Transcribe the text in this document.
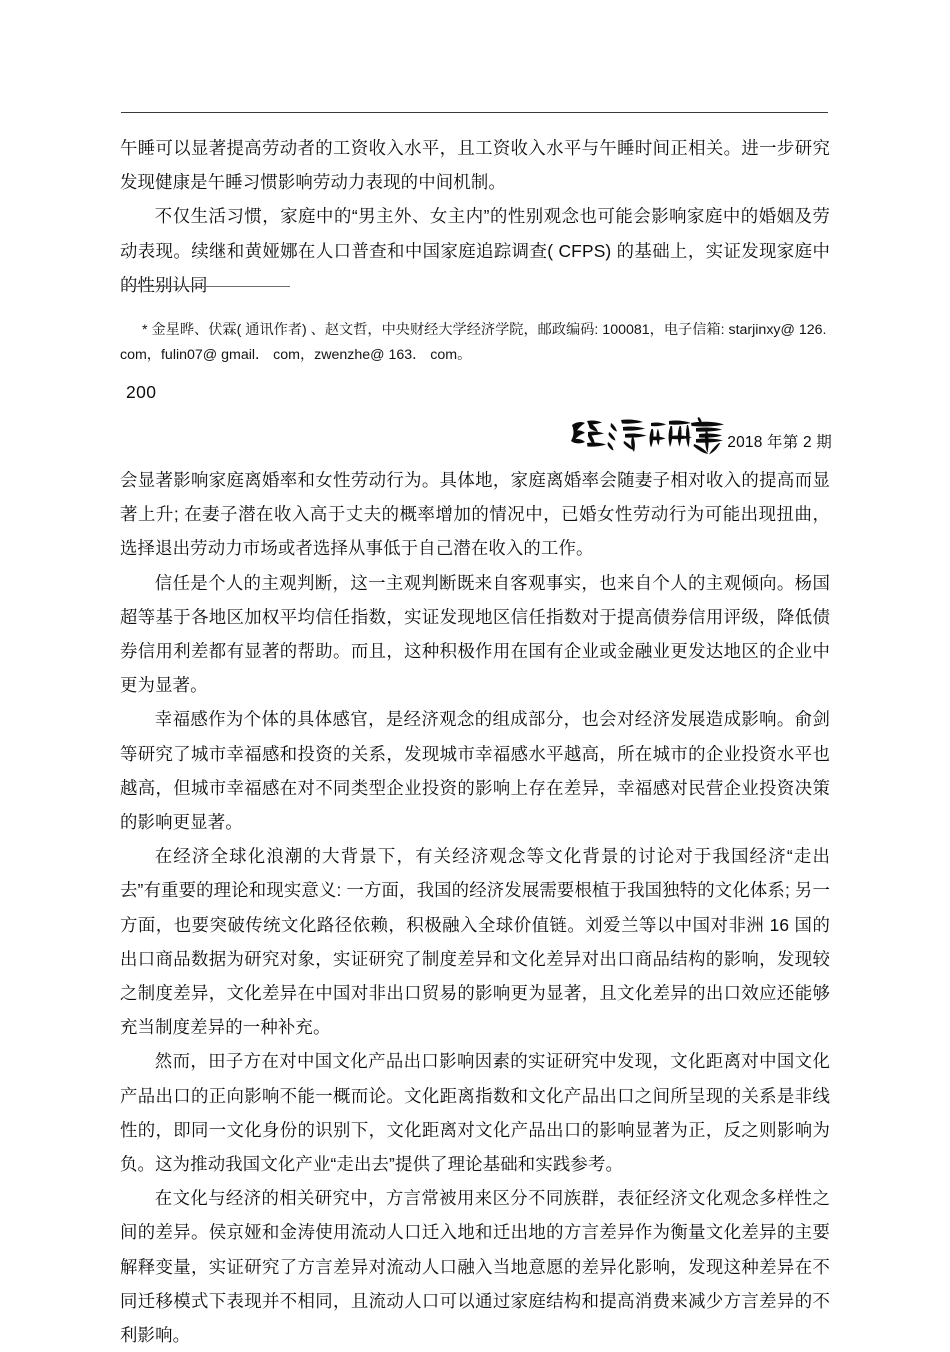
午睡可以显著提高劳动者的工资收入水平，且工资收入水平与午睡时间正相关。进一步研究发现健康是午睡习惯影响劳动力表现的中间机制。

不仅生活习惯，家庭中的“男主外、女主内”的性别观念也可能会影响家庭中的婚姻及劳动表现。续继和黄娅娜在人口普查和中国家庭追踪调查( CFPS) 的基础上，实证发现家庭中的性别认同

* 金星晔、伏霖( 通讯作者) 、赵文哲，中央财经大学经济学院，邮政编码: 100081，电子信箱: starjinxy@ 126.

com，fulin07@ gmail． com，zwenzhe@ 163． com。

200
2018 年第 2 期

会显著影响家庭离婚率和女性劳动行为。具体地，家庭离婚率会随妻子相对收入的提高而显著上升; 在妻子潜在收入高于丈夫的概率增加的情况中，已婚女性劳动行为可能出现扭曲，选择退出劳动力市场或者选择从事低于自己潜在收入的工作。

信任是个人的主观判断，这一主观判断既来自客观事实，也来自个人的主观倾向。杨国超等基于各地区加权平均信任指数，实证发现地区信任指数对于提高债券信用评级，降低债券信用利差都有显著的帮助。而且，这种积极作用在国有企业或金融业更发达地区的企业中更为显著。

幸福感作为个体的具体感官，是经济观念的组成部分，也会对经济发展造成影响。俞剑等研究了城市幸福感和投资的关系，发现城市幸福感水平越高，所在城市的企业投资水平也越高，但城市幸福感在对不同类型企业投资的影响上存在差异，幸福感对民营企业投资决策的影响更显著。

在经济全球化浪潮的大背景下，有关经济观念等文化背景的讨论对于我国经济“走出去”有重要的理论和现实意义: 一方面，我国的经济发展需要根植于我国独特的文化体系; 另一方面，也要突破传统文化路径依赖，积极融入全球价值链。刘爱兰等以中国对非洲 16 国的出口商品数据为研究对象，实证研究了制度差异和文化差异对出口商品结构的影响，发现较之制度差异，文化差异在中国对非出口贸易的影响更为显著，且文化差异的出口效应还能够充当制度差异的一种补充。

然而，田子方在对中国文化产品出口影响因素的实证研究中发现，文化距离对中国文化产品出口的正向影响不能一概而论。文化距离指数和文化产品出口之间所呈现的关系是非线性的，即同一文化身份的识别下，文化距离对文化产品出口的影响显著为正，反之则影响为负。这为推动我国文化产业“走出去”提供了理论基础和实践参考。

在文化与经济的相关研究中，方言常被用来区分不同族群，表征经济文化观念多样性之间的差异。侯京娅和金涛使用流动人口迁入地和迁出地的方言差异作为衡量文化差异的主要解释变量，实证研究了方言差异对流动人口融入当地意愿的差异化影响，发现这种差异在不同迁移模式下表现并不相同，且流动人口可以通过家庭结构和提高消费来减少方言差异的不利影响。
